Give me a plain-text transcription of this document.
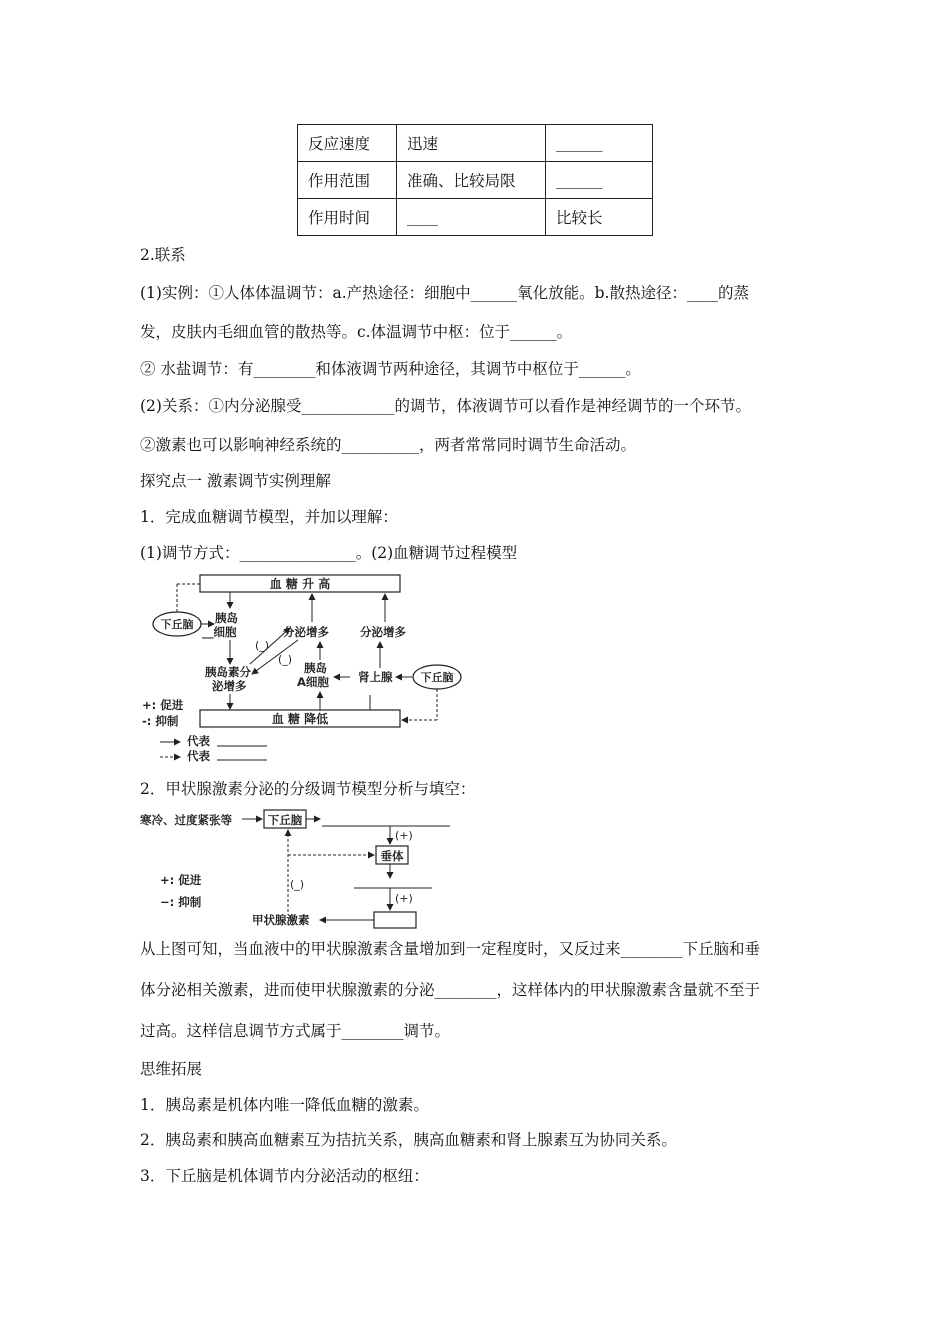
反应速度	迅速	______
作用范围	准确、比较局限	______
作用时间	____	比较长
2.联系
(1)实例：①人体体温调节：a.产热途径：细胞中______氧化放能。b.散热途径：____的蒸
发，皮肤内毛细血管的散热等。c.体温调节中枢：位于______。
② 水盐调节：有________和体液调节两种途径，其调节中枢位于______。
(2)关系：①内分泌腺受____________的调节，体液调节可以看作是神经调节的一个环节。
②激素也可以影响神经系统的__________，两者常常同时调节生命活动。
探究点一 激素调节实例理解
1．完成血糖调节模型，并加以理解：
(1)调节方式：_______________。(2)血糖调节过程模型
血 糖 升 高
血 糖 降低
下丘脑
下丘脑
胰岛
__细胞
胰岛素分
泌增多
分泌增多	分泌增多
胰岛
A细胞	肾上腺
(_)
(_)
+: 促进
-: 抑制
代表
代表
2．甲状腺激素分泌的分级调节模型分析与填空：
寒冷、过度紧张等	下丘脑
垂体
甲状腺激素
(+)
(+)
(_)
+: 促进
−: 抑制
从上图可知，当血液中的甲状腺激素含量增加到一定程度时，又反过来________下丘脑和垂
体分泌相关激素，进而使甲状腺激素的分泌________，这样体内的甲状腺激素含量就不至于
过高。这样信息调节方式属于________调节。
思维拓展
1．胰岛素是机体内唯一降低血糖的激素。
2．胰岛素和胰高血糖素互为拮抗关系，胰高血糖素和肾上腺素互为协同关系。
3．下丘脑是机体调节内分泌活动的枢纽：
